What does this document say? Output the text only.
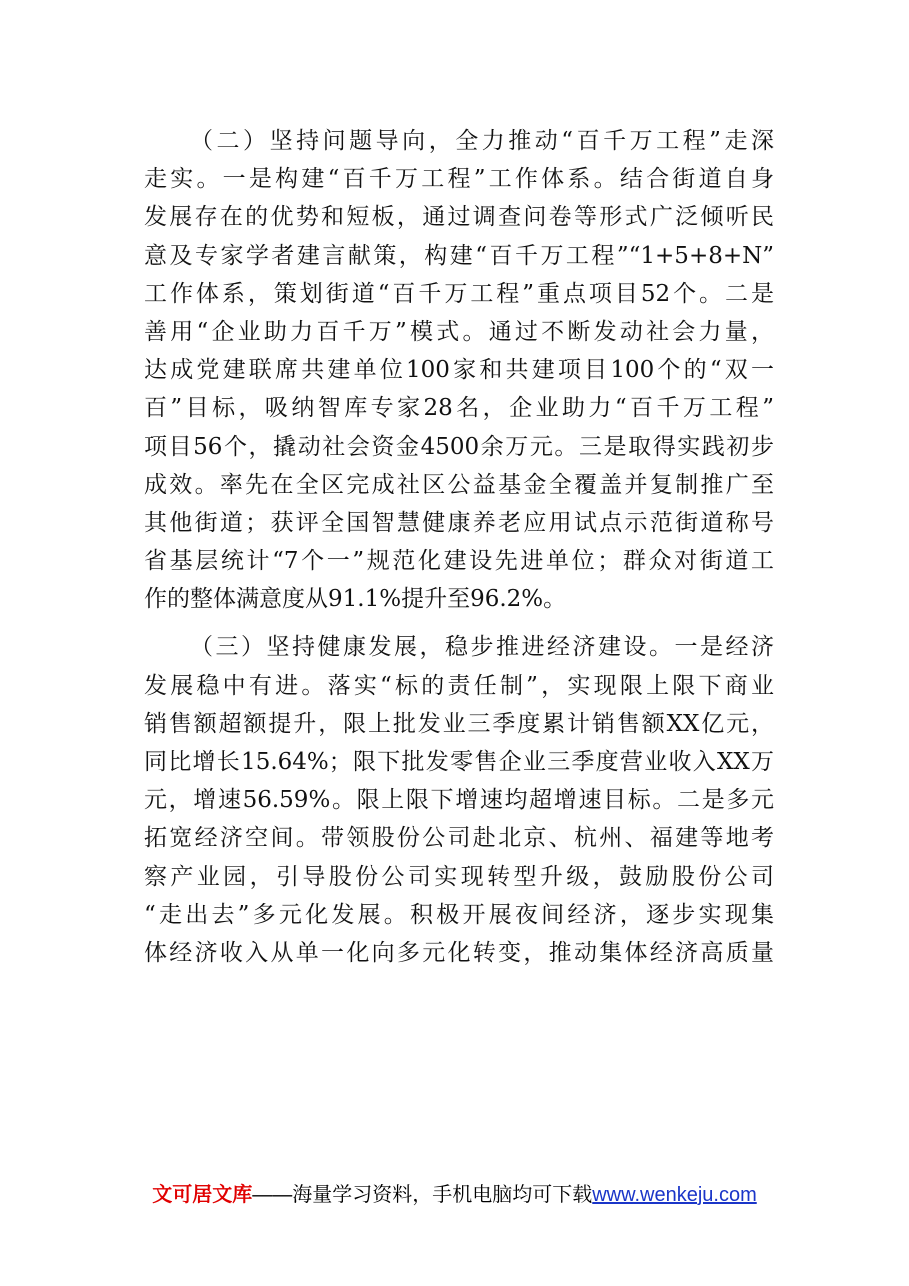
（二）坚持问题导向，全力推动“百千万工程”走深
走实。一是构建“百千万工程”工作体系。结合街道自身
发展存在的优势和短板，通过调查问卷等形式广泛倾听民
意及专家学者建言献策，构建“百千万工程”“1+5+8+N”
工作体系，策划街道“百千万工程”重点项目52个。二是
善用“企业助力百千万”模式。通过不断发动社会力量，
达成党建联席共建单位100家和共建项目100个的“双一
百”目标，吸纳智库专家28名，企业助力“百千万工程”
项目56个，撬动社会资金4500余万元。三是取得实践初步
成效。率先在全区完成社区公益基金全覆盖并复制推广至
其他街道；获评全国智慧健康养老应用试点示范街道称号
省基层统计“7个一”规范化建设先进单位；群众对街道工
作的整体满意度从91.1%提升至96.2%。
（三）坚持健康发展，稳步推进经济建设。一是经济
发展稳中有进。落实“标的责任制”，实现限上限下商业
销售额超额提升，限上批发业三季度累计销售额XX亿元，
同比增长15.64%；限下批发零售企业三季度营业收入XX万
元，增速56.59%。限上限下增速均超增速目标。二是多元
拓宽经济空间。带领股份公司赴北京、杭州、福建等地考
察产业园，引导股份公司实现转型升级，鼓励股份公司
“走出去”多元化发展。积极开展夜间经济，逐步实现集
体经济收入从单一化向多元化转变，推动集体经济高质量
文可居文库——海量学习资料，手机电脑均可下载www.wenkeju.com
